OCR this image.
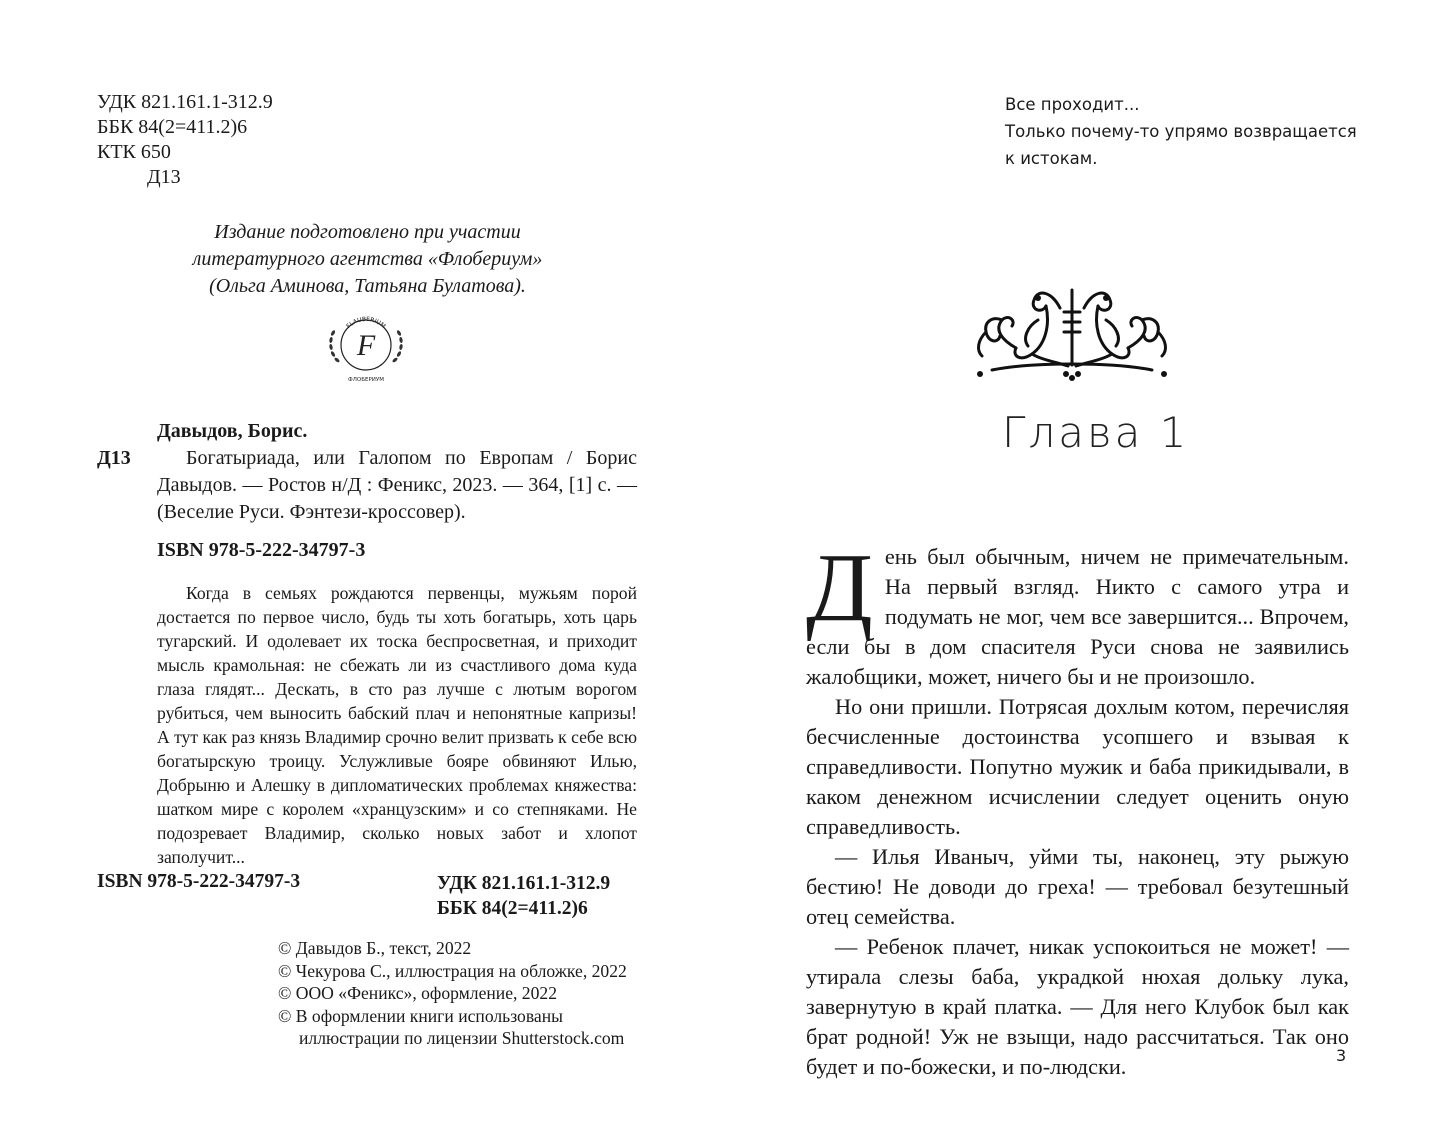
УДК 821.161.1-312.9
ББК 84(2=411.2)6
КТК 650
Д13
Издание подготовлено при участии
литературного агентства «Флобериум»
(Ольга Аминова, Татьяна Булатова).
FLAUBERIUM
F
ФЛОБЕРИУМ
Давыдов, Борис.
Д13	Богатыриада, или Галопом по Европам / Борис Давыдов. — Ростов н/Д : Феникс, 2023. — 364, [1] с. — (Веселие Руси. Фэнтези-кроссовер).
ISBN 978-5-222-34797-3
Когда в семьях рождаются первенцы, мужьям порой достается по первое число, будь ты хоть богатырь, хоть царь тугарский. И одолевает их тоска беспросветная, и приходит мысль крамольная: не сбежать ли из счастливого дома куда глаза глядят... Дескать, в сто раз лучше с лютым ворогом рубиться, чем выносить бабский плач и непонятные капризы! А тут как раз князь Владимир срочно велит призвать к себе всю богатырскую троицу. Услужливые бояре обвиняют Илью, Добрыню и Алешку в дипломатических проблемах княжества: шатком мире с королем «хранцузским» и со степняками. Не подозревает Владимир, сколько новых забот и хлопот заполучит...
ISBN 978-5-222-34797-3	УДК 821.161.1-312.9
ББК 84(2=411.2)6
© Давыдов Б., текст, 2022
© Чекурова С., иллюстрация на обложке, 2022
© ООО «Феникс», оформление, 2022
© В оформлении книги использованы
иллюстрации по лицензии Shutterstock.com
Все проходит...
Только почему-то упрямо возвращается
к истокам.
Глава 1

День был обычным, ничем не примечательным. На первый взгляд. Никто с самого утра и подумать не мог, чем все завершится... Впрочем, если бы в дом спасителя Руси снова не заявились жалобщики, может, ничего бы и не произошло.

Но они пришли. Потрясая дохлым котом, перечисляя бесчисленные достоинства усопшего и взывая к справедливости. Попутно мужик и баба прикидывали, в каком денежном исчислении следует оценить оную справедливость.

— Илья Иваныч, уйми ты, наконец, эту рыжую бестию! Не доводи до греха! — требовал безутешный отец семейства.

— Ребенок плачет, никак успокоиться не может! — утирала слезы баба, украдкой нюхая дольку лука, завернутую в край платка. — Для него Клубок был как брат родной! Уж не взыщи, надо рассчитаться. Так оно будет и по-божески, и по-людски.	3
